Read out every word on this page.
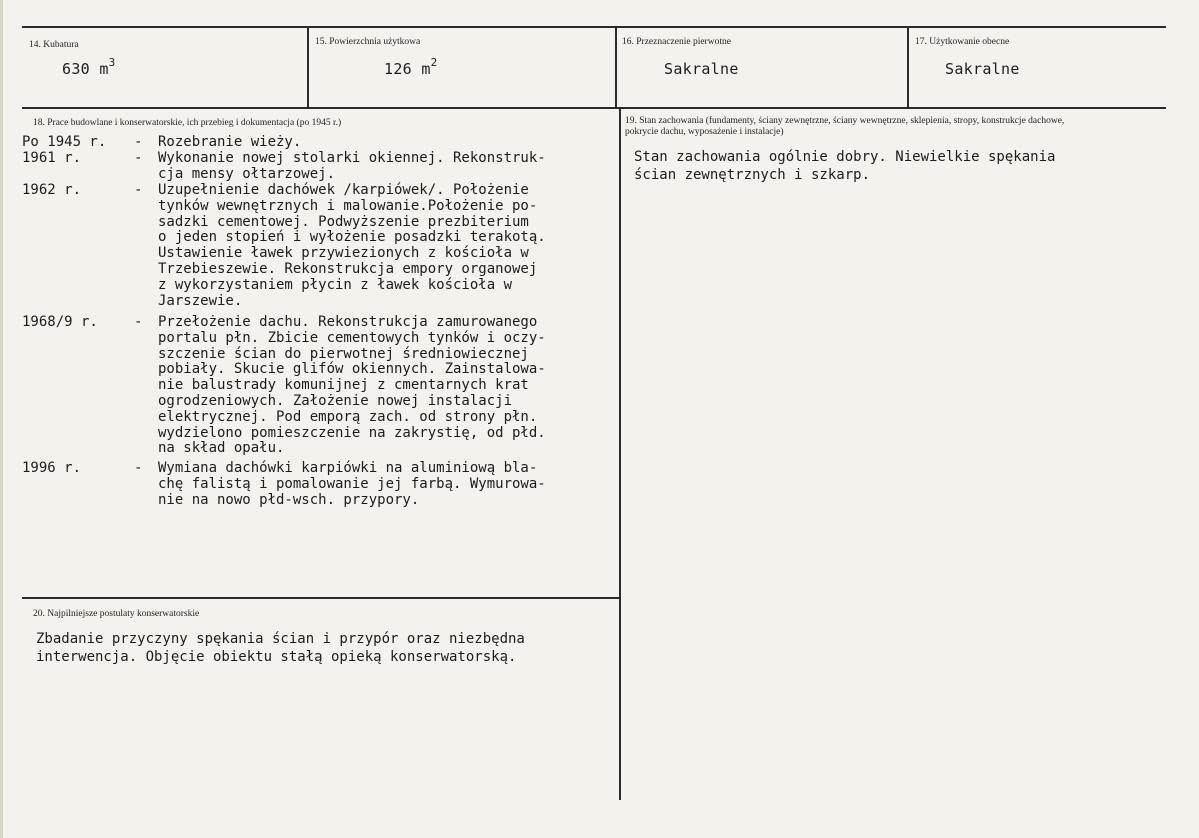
14. Kubatura
630 $m^3$
15. Powierzchnia użytkowa
126 $m^2$
16. Przeznaczenie pierwotne
Sakralne
17. Użytkowanie obecne
Sakralne
18. Prace budowlane i konserwatorskie, ich przebieg i dokumentacja (po 1945 r.)
Po 1945 r. - Rozebranie wieży.
1961 r.	- Wykonanie nowej stolarki okiennej. Rekonstruk-
cja mensy ołtarzowej.
1962 r.	- Uzupełnienie dachówek /karpiówek/. Położenie
tynków wewnętrznych i malowanie.Położenie po-
sadzki cementowej. Podwyższenie prezbiterium
o jeden stopień i wyłożenie posadzki terakotą.
Ustawienie ławek przywiezionych z kościoła w
Trzebieszewie. Rekonstrukcja empory organowej
z wykorzystaniem płycin z ławek kościoła w
Jarszewie.
1968/9 r.	- Przełożenie dachu. Rekonstrukcja zamurowanego
portalu płn. Zbicie cementowych tynków i oczy-
szczenie ścian do pierwotnej średniowiecznej
pobiały. Skucie glifów okiennych. Zainstalowa-
nie balustrady komunijnej z cmentarnych krat
ogrodzeniowych. Założenie nowej instalacji
elektrycznej. Pod emporą zach. od strony płn.
wydzielono pomieszczenie na zakrystię, od płd.
na skład opału.
1996 r.	- Wymiana dachówki karpiówki na aluminiową bla-
chę falistą i pomalowanie jej farbą. Wymurowa-
nie na nowo płd-wsch. przypory.
19. Stan zachowania (fundamenty, ściany zewnętrzne, ściany wewnętrzne, sklepienia, stropy, konstrukcje dachowe,
pokrycie dachu, wyposażenie i instalacje)
Stan zachowania ogólnie dobry. Niewielkie spękania
ścian zewnętrznych i szkarp.
20. Najpilniejsze postulaty konserwatorskie
Zbadanie przyczyny spękania ścian i przypór oraz niezbędna
interwencja. Objęcie obiektu stałą opieką konserwatorską.
